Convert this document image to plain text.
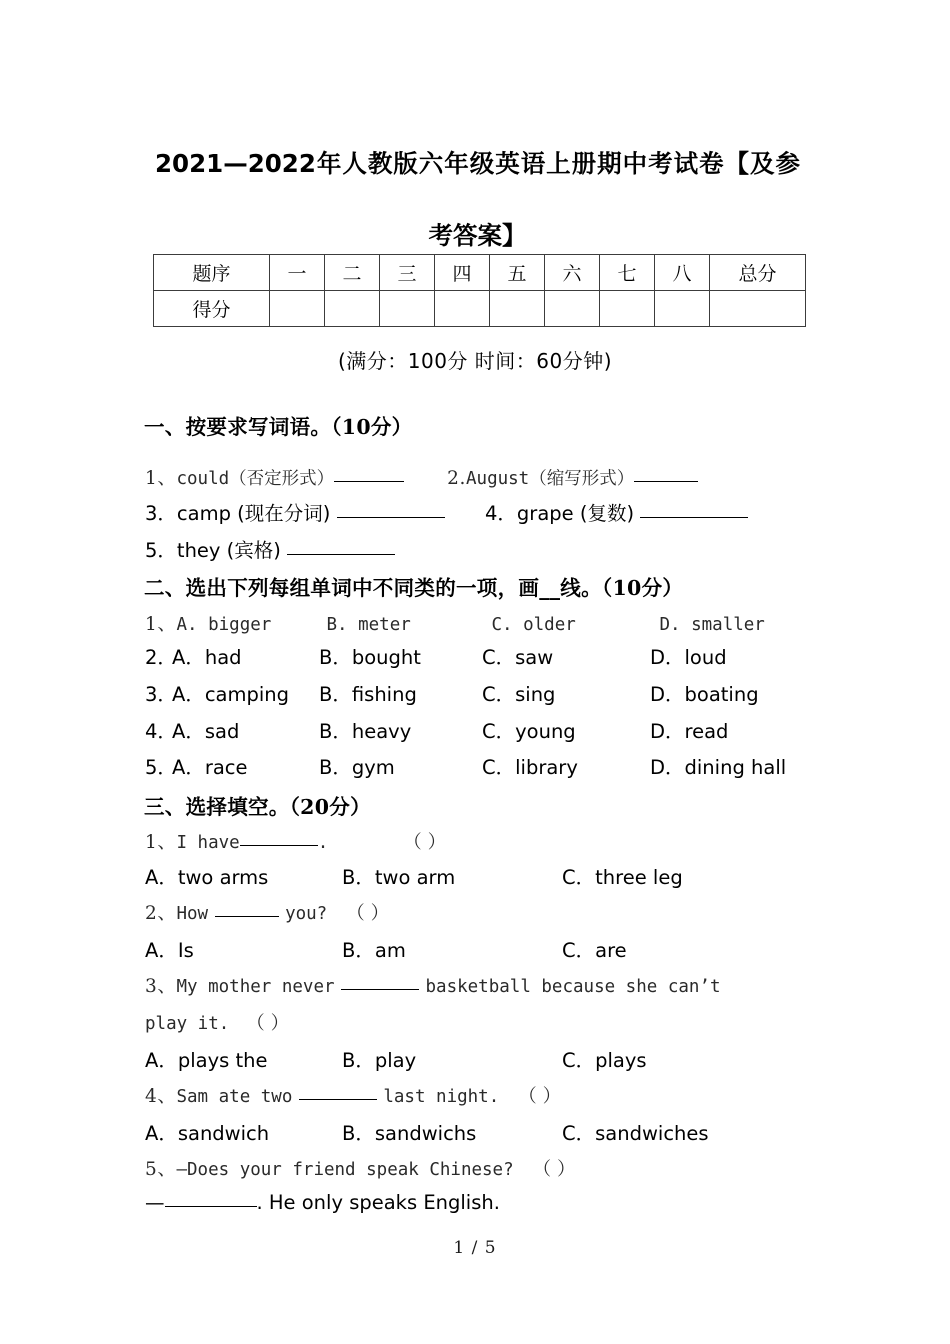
2021—2022年人教版六年级英语上册期中考试卷【及参考答案】
题序	一	二	三	四	五	六	七	八	总分
得分									
(满分：100分 时间：60分钟)
一、按要求写词语。（10分）
1、could（否定形式）	2.August（缩写形式）
3．camp (现在分词)	4．grape (复数)
5．they (宾格)
二、选出下列每组单词中不同类的一项，画__线。（10分）
1、A. bigger	B. meter	C. older	D. smaller
2．A．had	B．bought	C．saw	D．loud
3．A．camping B．fishing	C．sing	D．boating
4．A．sad	B．heavy	C．young	D．read
5．A．race	B．gym	C．library	D．dining hall
三、选择填空。（20分）
1、I have	.	（ ）
A．two arms	B．two arm	C．three leg
2、How	you? （ ）
A．Is	B．am	C．are
3、My mother never	basketball because she can’t
play it. （ ）
A．plays the	B．play	C．plays
4、Sam ate two	last night. （ ）
A．sandwich	B．sandwichs	C．sandwiches
5、—Does your friend speak Chinese? （ ）
—	. He only speaks English.
1 / 5
